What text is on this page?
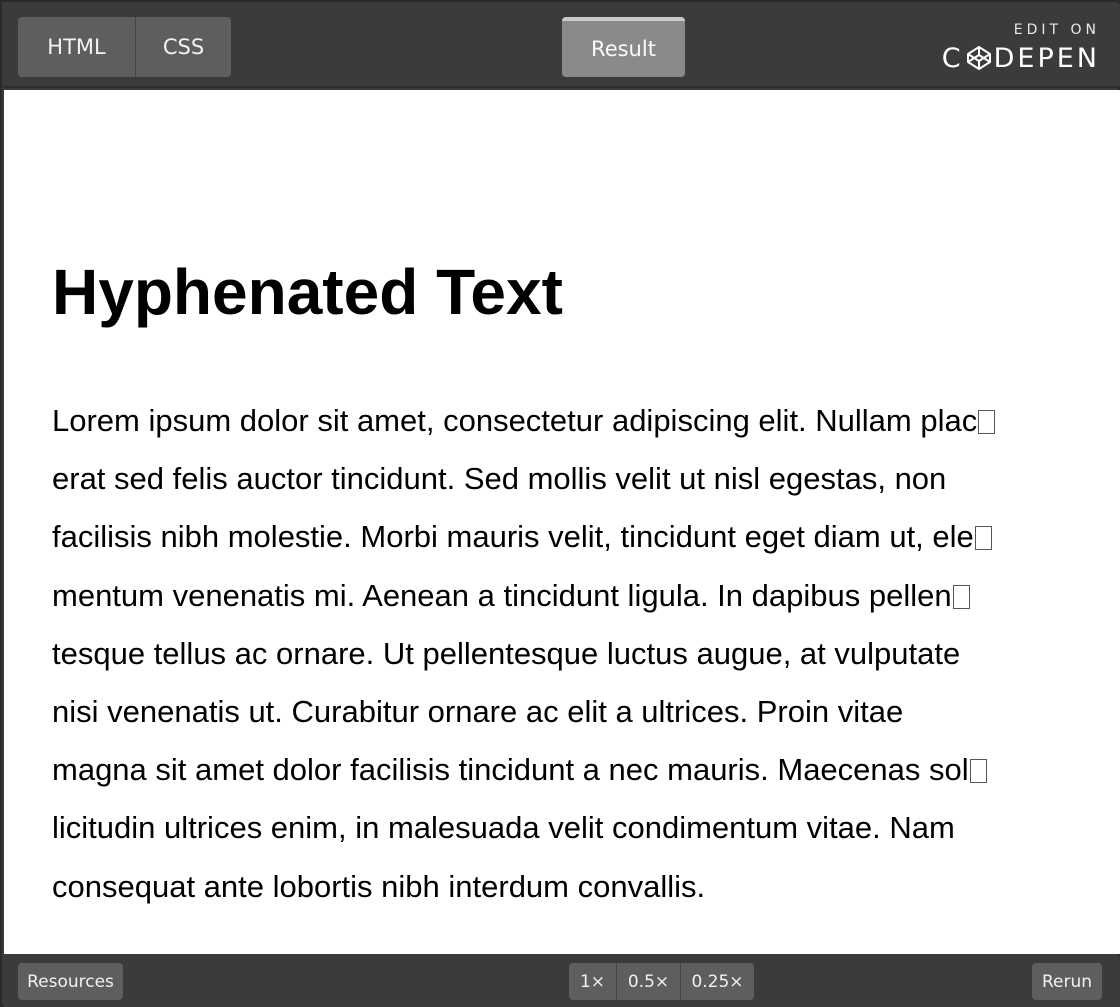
HTML	CSS	Result
EDIT ON
C DEPEN
Hyphenated Text

Lorem ipsum dolor sit amet, consectetur adipiscing elit. Nullam plac
erat sed felis auctor tincidunt. Sed mollis velit ut nisl egestas, non
facilisis nibh molestie. Morbi mauris velit, tincidunt eget diam ut, ele
mentum venenatis mi. Aenean a tincidunt ligula. In dapibus pellen
tesque tellus ac ornare. Ut pellentesque luctus augue, at vulputate
nisi venenatis ut. Curabitur ornare ac elit a ultrices. Proin vitae
magna sit amet dolor facilisis tincidunt a nec mauris. Maecenas sol
licitudin ultrices enim, in malesuada velit condimentum vitae. Nam
consequat ante lobortis nibh interdum convallis.

Resources	1×	0.5×	0.25×	Rerun
